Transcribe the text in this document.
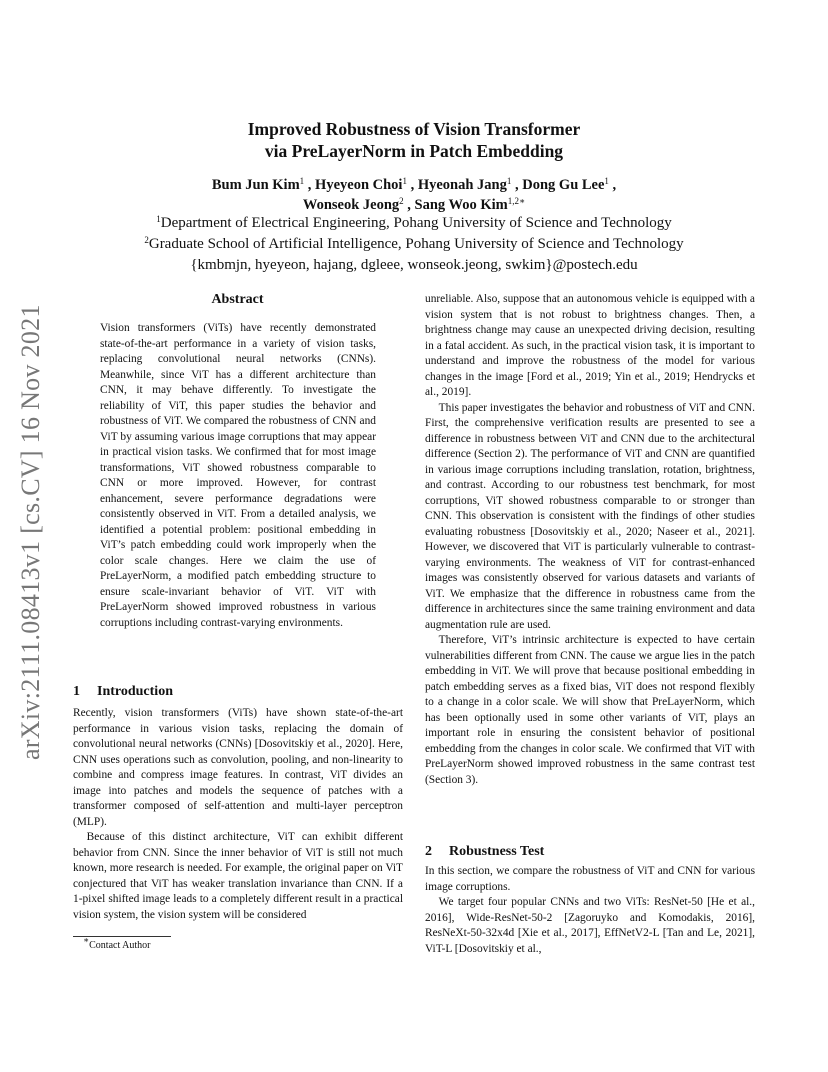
arXiv:2111.08413v1 [cs.CV] 16 Nov 2021
Improved Robustness of Vision Transformer
via PreLayerNorm in Patch Embedding
Bum Jun Kim$^1$ , Hyeyeon Choi$^1$ , Hyeonah Jang$^1$ , Dong Gu Lee$^1$ ,
Wonseok Jeong$^2$ , Sang Woo Kim$^{1,2∗}$
$^1$Department of Electrical Engineering, Pohang University of Science and Technology
$^2$Graduate School of Artificial Intelligence, Pohang University of Science and Technology
{kmbmjn, hyeyeon, hajang, dgleee, wonseok.jeong, swkim}@postech.edu
Abstract
Vision transformers (ViTs) have recently demonstrated state-of-the-art performance in a variety of vision tasks, replacing convolutional neural networks (CNNs). Meanwhile, since ViT has a different architecture than CNN, it may behave differently. To investigate the reliability of ViT, this paper studies the behavior and robustness of ViT. We compared the robustness of CNN and ViT by assuming various image corruptions that may appear in practical vision tasks. We confirmed that for most image transformations, ViT showed robustness comparable to CNN or more improved. However, for contrast enhancement, severe performance degradations were consistently observed in ViT. From a detailed analysis, we identified a potential problem: positional embedding in ViT’s patch embedding could work improperly when the color scale changes. Here we claim the use of PreLayerNorm, a modified patch embedding structure to ensure scale-invariant behavior of ViT. ViT with PreLayerNorm showed improved robustness in various corruptions including contrast-varying environments.
1 Introduction

Recently, vision transformers (ViTs) have shown state-of-the-art performance in various vision tasks, replacing the domain of convolutional neural networks (CNNs) [Dosovitskiy et al., 2020]. Here, CNN uses operations such as convolution, pooling, and non-linearity to combine and compress image features. In contrast, ViT divides an image into patches and models the sequence of patches with a transformer composed of self-attention and multi-layer perceptron (MLP).

Because of this distinct architecture, ViT can exhibit different behavior from CNN. Since the inner behavior of ViT is still not much known, more research is needed. For example, the original paper on ViT conjectured that ViT has weaker translation invariance than CNN. If a 1-pixel shifted image leads to a completely different result in a practical vision system, the vision system will be considered

∗Contact Author

unreliable. Also, suppose that an autonomous vehicle is equipped with a vision system that is not robust to brightness changes. Then, a brightness change may cause an unexpected driving decision, resulting in a fatal accident. As such, in the practical vision task, it is important to understand and improve the robustness of the model for various changes in the image [Ford et al., 2019; Yin et al., 2019; Hendrycks et al., 2019].

This paper investigates the behavior and robustness of ViT and CNN. First, the comprehensive verification results are presented to see a difference in robustness between ViT and CNN due to the architectural difference (Section 2). The performance of ViT and CNN are quantified in various image corruptions including translation, rotation, brightness, and contrast. According to our robustness test benchmark, for most corruptions, ViT showed robustness comparable to or stronger than CNN. This observation is consistent with the findings of other studies evaluating robustness [Dosovitskiy et al., 2020; Naseer et al., 2021]. However, we discovered that ViT is particularly vulnerable to contrast-varying environments. The weakness of ViT for contrast-enhanced images was consistently observed for various datasets and variants of ViT. We emphasize that the difference in robustness came from the difference in architectures since the same training environment and data augmentation rule are used.

Therefore, ViT’s intrinsic architecture is expected to have certain vulnerabilities different from CNN. The cause we argue lies in the patch embedding in ViT. We will prove that because positional embedding in patch embedding serves as a fixed bias, ViT does not respond flexibly to a change in a color scale. We will show that PreLayerNorm, which has been optionally used in some other variants of ViT, plays an important role in ensuring the consistent behavior of positional embedding from the changes in color scale. We confirmed that ViT with PreLayerNorm showed improved robustness in the same contrast test (Section 3).

2 Robustness Test

In this section, we compare the robustness of ViT and CNN for various image corruptions.

We target four popular CNNs and two ViTs: ResNet-50 [He et al., 2016], Wide-ResNet-50-2 [Zagoruyko and Komodakis, 2016], ResNeXt-50-32x4d [Xie et al., 2017], EffNetV2-L [Tan and Le, 2021], ViT-L [Dosovitskiy et al.,
